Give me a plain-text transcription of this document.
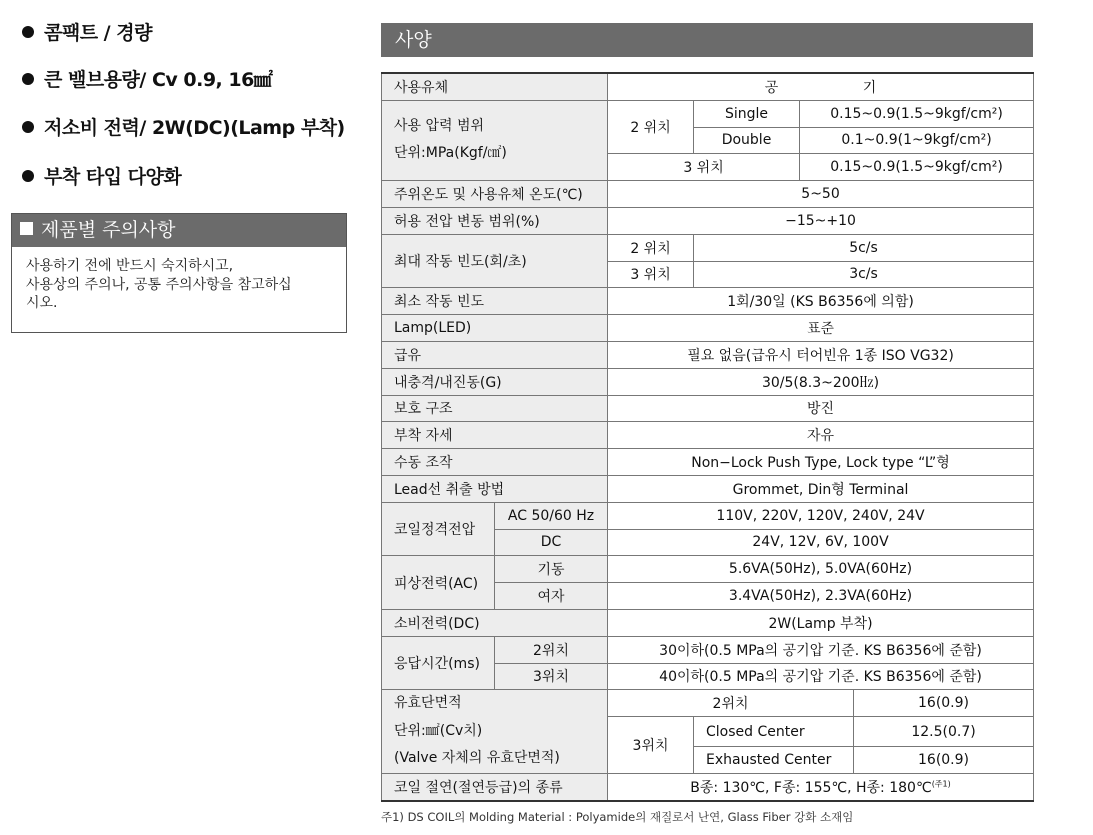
콤팩트 / 경량
큰 밸브용량/ Cv 0.9, 16㎟
저소비 전력/ 2W(DC)(Lamp 부착)
부착 타입 다양화
제품별 주의사항
사용하기 전에 반드시 숙지하시고,
사용상의 주의나, 공통 주의사항을 참고하십
시오.
사양
사용유체		공 기			

사용 압력 범위
단위:MPa(Kgf/㎠)		2 위치	Single	0.15~0.9(1.5~9kgf/cm²)	
			Double	0.1~0.9(1~9kgf/cm²)	
		3 위치		0.15~0.9(1.5~9kgf/cm²)	
주위온도 및 사용유체 온도(℃)		5~50			
허용 전압 변동 범위(%)		−15~+10			
최대 작동 빈도(회/초)		2 위치	5c/s		
		3 위치	3c/s		
최소 작동 빈도		1회/30일 (KS B6356에 의함)			
Lamp(LED)		표준			
급유		필요 없음(급유시 터어빈유 1종 ISO VG32)			
내충격/내진동(G)		30/5(8.3~200㎐)			
보호 구조		방진			
부착 자세		자유			
수동 조작		Non−Lock Push Type, Lock type “L”형			
Lead선 취출 방법		Grommet, Din형 Terminal			
코일정격전압	AC 50/60 Hz	110V, 220V, 120V, 240V, 24V			
	DC	24V, 12V, 6V, 100V			
피상전력(AC)	기동	5.6VA(50Hz), 5.0VA(60Hz)			
	여자	3.4VA(50Hz), 2.3VA(60Hz)			
소비전력(DC)		2W(Lamp 부착)			
응답시간(ms)	2위치	30이하(0.5 MPa의 공기압 기준. KS B6356에 준함)			
	3위치	40이하(0.5 MPa의 공기압 기준. KS B6356에 준함)			

유효단면적
단위:㎟(Cv치)
(Valve 자체의 유효단면적)		2위치			16(0.9)
		3위치	Closed Center		12.5(0.7)
			Exhausted Center		16(0.9)
코일 절연(절연등급)의 종류		B종: 130℃, F종: 155℃, H종: 180℃$^{(주1)}$
주1) DS COIL의 Molding Material : Polyamide의 재질로서 난연, Glass Fiber 강화 소재임
